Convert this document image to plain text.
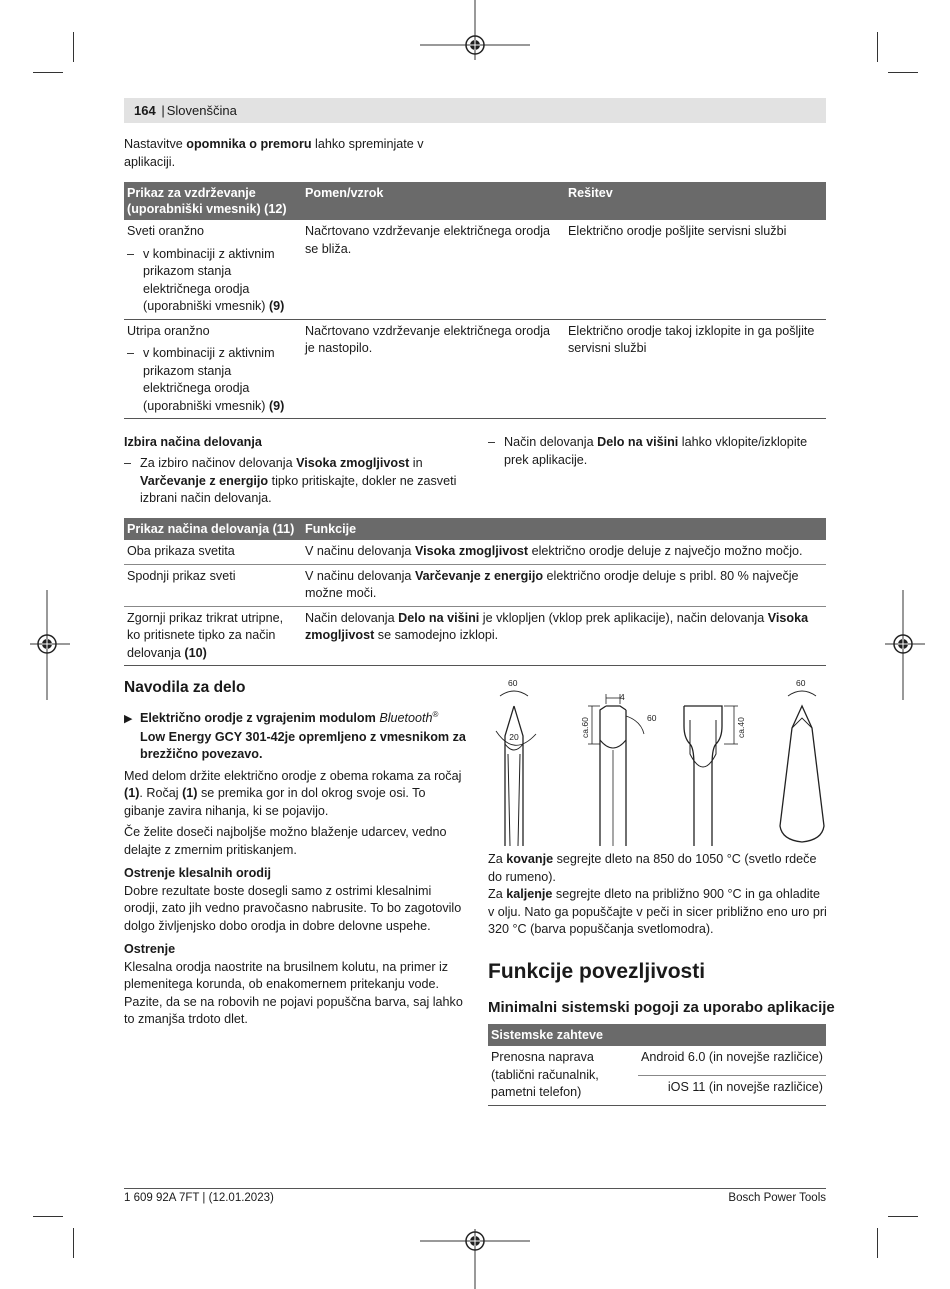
164 | Slovenščina

Nastavitve opomnika o premoru lahko spreminjate v aplikaciji.

Prikaz za vzdrževanje (uporabniški vmesnik) (12)	Pomen/vzrok	Rešitev

Sveti oranžno
– v kombinaciji z aktivnim prikazom stanja električnega orodja (uporabniški vmesnik) (9)	Načrtovano vzdrževanje električnega orodja se bliža.	Električno orodje pošljite servisni službi

Utripa oranžno
– v kombinaciji z aktivnim prikazom stanja električnega orodja (uporabniški vmesnik) (9)	Načrtovano vzdrževanje električnega orodja je nastopilo.	Električno orodje takoj izklopite in ga pošljite servisni službi
Izbira načina delovanja

– Za izbiro načinov delovanja Visoka zmogljivost in Varčevanje z energijo tipko pritiskajte, dokler ne zasveti izbrani način delovanja.

– Način delovanja Delo na višini lahko vklopite/izklopite prek aplikacije.

Prikaz načina delovanja (11)	Funkcije
Oba prikaza svetita	V načinu delovanja Visoka zmogljivost električno orodje deluje z največjo možno močjo.
Spodnji prikaz sveti	V načinu delovanja Varčevanje z energijo električno orodje deluje s pribl. 80 % največje možne moči.
Zgornji prikaz trikrat utripne, ko pritisnete tipko za način delovanja (10)	Način delovanja Delo na višini je vklopljen (vklop prek aplikacije), način delovanja Visoka zmogljivost se samodejno izklopi.
Navodila za delo

▶ Električno orodje z vgrajenim modulom Bluetooth® Low Energy GCY 301-42je opremljeno z vmesnikom za brezžično povezavo.

Med delom držite električno orodje z obema rokama za ročaj (1). Ročaj (1) se premika gor in dol okrog svoje osi. To gibanje zavira nihanja, ki se pojavijo.

Če želite doseči najboljše možno blaženje udarcev, vedno delajte z zmernim pritiskanjem.

Ostrenje klesalnih orodij

Dobre rezultate boste dosegli samo z ostrimi klesalnimi orodji, zato jih vedno pravočasno nabrusite. To bo zagotovilo dolgo življenjsko dobo orodja in dobre delovne uspehe.

Ostrenje

Klesalna orodja naostrite na brusilnem kolutu, na primer iz plemenitega korunda, ob enakomernem pritekanju vode. Pazite, da se na robovih ne pojavi popuščna barva, saj lahko to zmanjša trdoto dlet.

60
20	ca.60
4
60	ca.40
60

Za kovanje segrejte dleto na 850 do 1050 °C (svetlo rdeče do rumeno).

Za kaljenje segrejte dleto na približno 900 °C in ga ohladite v olju. Nato ga popuščajte v peči in sicer približno eno uro pri 320 °C (barva popuščanja svetlomodra).

Funkcije povezljivosti
Minimalni sistemski pogoji za uporabo aplikacije
Sistemske zahteve
Prenosna naprava (tablični računalnik, pametni telefon)	Android 6.0 (in novejše različice)
iOS 11 (in novejše različice)
1 609 92A 7FT | (12.01.2023)	Bosch Power Tools
